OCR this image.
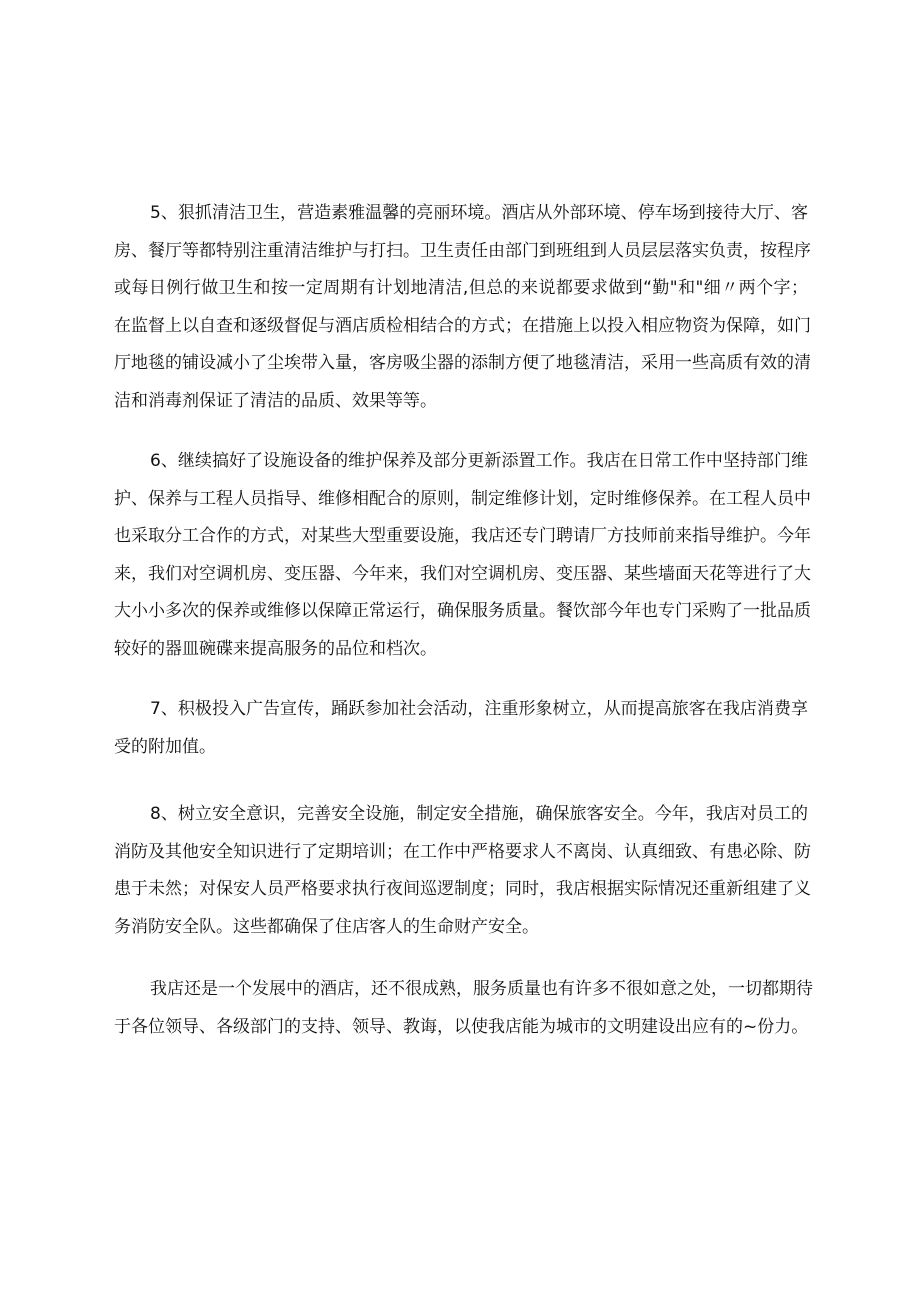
5、狠抓清洁卫生，营造素雅温馨的亮丽环境。酒店从外部环境、停车场到接待大厅、客
房、餐厅等都特别注重清洁维护与打扫。卫生责任由部门到班组到人员层层落实负责，按程序
或每日例行做卫生和按一定周期有计划地清洁,但总的来说都要求做到“勤"和"细〃两个字；
在监督上以自查和逐级督促与酒店质检相结合的方式；在措施上以投入相应物资为保障，如门
厅地毯的铺设减小了尘埃带入量，客房吸尘器的添制方便了地毯清洁，采用一些高质有效的清
洁和消毒剂保证了清洁的品质、效果等等。
6、继续搞好了设施设备的维护保养及部分更新添置工作。我店在日常工作中坚持部门维
护、保养与工程人员指导、维修相配合的原则，制定维修计划，定时维修保养。在工程人员中
也采取分工合作的方式，对某些大型重要设施，我店还专门聘请厂方技师前来指导维护。今年
来，我们对空调机房、变压器、今年来，我们对空调机房、变压器、某些墙面天花等进行了大
大小小多次的保养或维修以保障正常运行，确保服务质量。餐饮部今年也专门采购了一批品质
较好的器皿碗碟来提高服务的品位和档次。
7、积极投入广告宣传，踊跃参加社会活动，注重形象树立，从而提高旅客在我店消费享
受的附加值。
8、树立安全意识，完善安全设施，制定安全措施，确保旅客安全。今年，我店对员工的
消防及其他安全知识进行了定期培训；在工作中严格要求人不离岗、认真细致、有患必除、防
患于未然；对保安人员严格要求执行夜间巡逻制度；同时，我店根据实际情况还重新组建了义
务消防安全队。这些都确保了住店客人的生命财产安全。
我店还是一个发展中的酒店，还不很成熟，服务质量也有许多不很如意之处，一切都期待
于各位领导、各级部门的支持、领导、教诲，以使我店能为城市的文明建设出应有的~份力。
